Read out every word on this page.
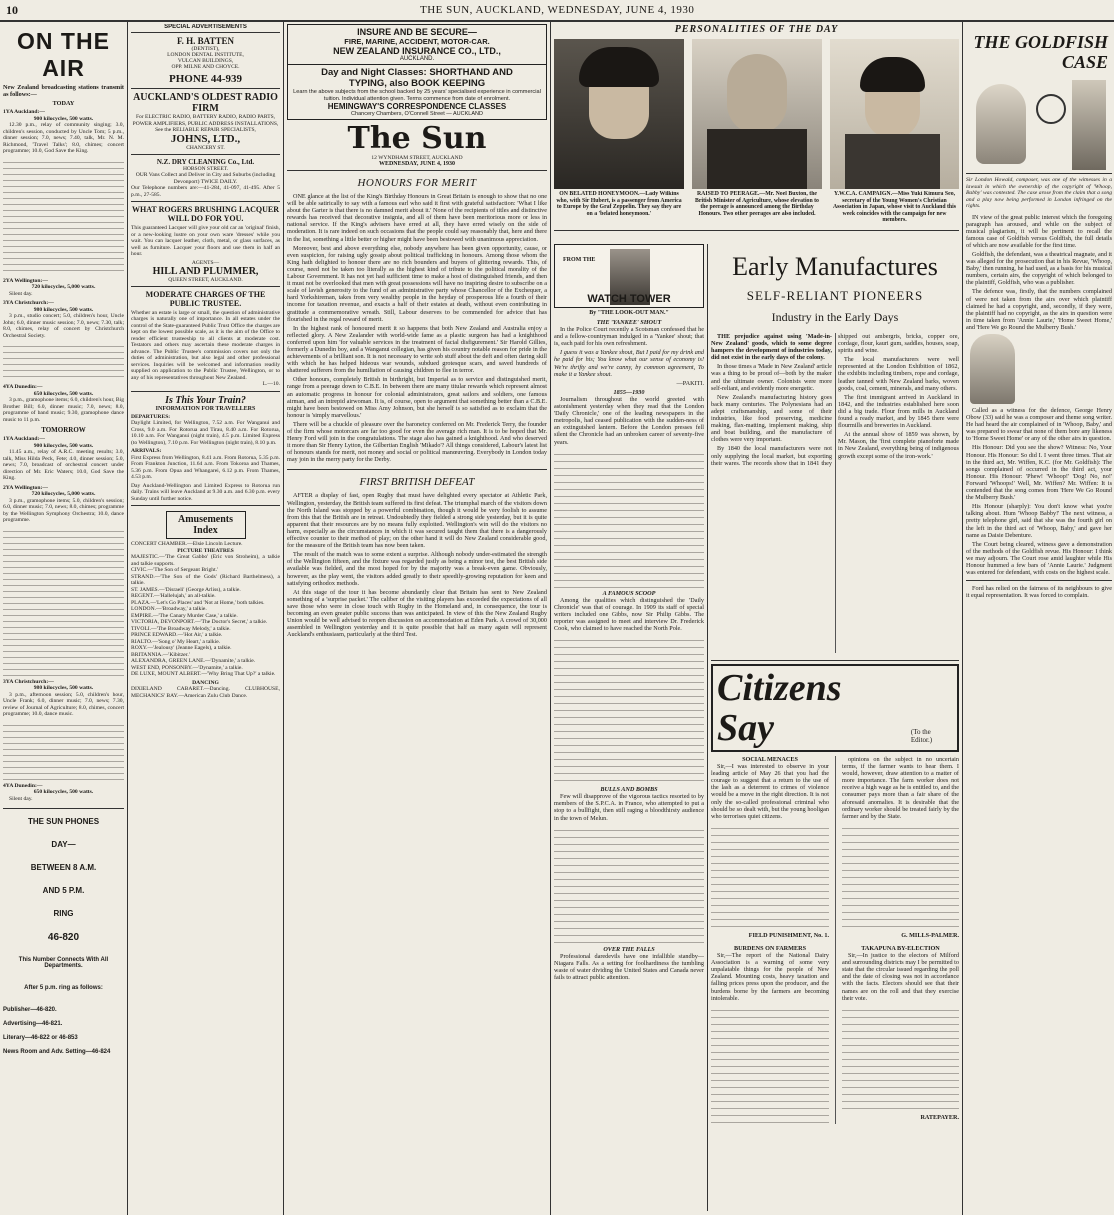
10	THE SUN, AUCKLAND, WEDNESDAY, JUNE 4, 1930
ON THE AIR
New Zealand broadcasting stations transmit as follows:—
TODAY
1YA Auckland:—
900 kilocycles, 500 watts.

12.30 p.m., relay of community singing; 3.0, children's session, conducted by Uncle Tom; 5 p.m., dinner session; 7.0, news; 7.40, talk, Mr. N. M. Richmond, 'Travel Talks'; 8.0, chimes; concert programme; 10.0, God Save the King.

2YA Wellington:—
720 kilocycles, 5,000 watts.

Silent day.

3YA Christchurch:—
980 kilocycles, 500 watts.

3 p.m., studio concert; 5.0, children's hour, Uncle John; 6.0, dinner music session; 7.0, news; 7.30, talk; 8.0, chimes, relay of concert by Christchurch Orchestral Society.

4YA Dunedin:—
650 kilocycles, 500 watts.

3 p.m., gramophone items; 6.0, children's hour, Big Brother Bill; 6.0, dinner music; 7.0, news; 8.0, programme of band music; 9.30, gramophone dance music to 11 p.m.

TOMORROW
1YA Auckland:—
900 kilocycles, 500 watts.

11.45 a.m., relay of A.R.C. meeting results; 3.0, talk, Miss Hilda Peck, Fete; 4.0, dinner session; 5.0, news; 7.0, broadcast of orchestral concert under direction of Mr. Eric Waters; 10.0, God Save the King.

2YA Wellington:—
720 kilocycles, 5,000 watts.

3 p.m., gramophone items; 5.0, children's session; 6.0, dinner music; 7.0, news; 8.0, chimes; programme by the Wellington Symphony Orchestra; 10.0, dance programme.

3YA Christchurch:—
980 kilocycles, 500 watts.

3 p.m., afternoon session; 5.0, children's hour, Uncle Frank; 6.0, dinner music; 7.0, news; 7.30, review of Journal of Agriculture; 8.0, chimes, concert programme; 10.0, dance music.

4YA Dunedin:—
650 kilocycles, 500 watts.

Silent day.

THE SUN PHONES
DAY—
BETWEEN 8 A.M.
AND 5 P.M.
RING
46-820
This Number Connects With All Departments.
After 5 p.m. ring as follows:
Publisher—46-820.
Advertising—46-821.
Literary—46-822 or 46-853
News Room and Adv. Setting—46-824
SPECIAL ADVERTISEMENTS
F. H. BATTEN
(DENTIST),
LONDON DENTAL INSTITUTE,
VULCAN BUILDINGS,
OPP. MILNE AND CHOYCE.
PHONE 44-939
AUCKLAND'S OLDEST RADIO FIRM
For ELECTRIC RADIO, BATTERY RADIO, RADIO PARTS, POWER AMPLIFIERS, PUBLIC ADDRESS INSTALLATIONS,
See the RELIABLE REPAIR SPECIALISTS,
JOHNS, LTD.,
CHANCERY ST.
N.Z. DRY CLEANING Co., Ltd.
HOBSON STREET.
OUR Vans Collect and Deliver in City and Suburbs (including Devonport) TWICE DAILY.
Our Telephone numbers are:—41-284, 41-097, 41-495. After 5 p.m., 27-585.
WHAT ROGERS BRUSHING LACQUER WILL DO FOR YOU.
This guaranteed Lacquer will give your old car an 'original' finish, or a new-looking lustre on your own ware 'dresses' while you wait. You can lacquer leather, cloth, metal, or glass surfaces, as well as furniture. Lacquer your floors and use them in half an hour.
AGENTS—
HILL AND PLUMMER,
QUEEN STREET, AUCKLAND.
MODERATE CHARGES OF THE PUBLIC TRUSTEE.
Whether an estate is large or small, the question of administrative charges is naturally one of importance. In all estates under the control of the State-guaranteed Public Trust Office the charges are kept on the lowest possible scale, as it is the aim of the Office to render efficient trusteeship to all clients at moderate cost. Testators and others may ascertain these moderate charges in advance. The Public Trustee's commission covers not only the duties of administration, but also legal and other professional services. Inquiries will be welcomed and information readily supplied on application to the Public Trustee, Wellington, or to any of his representatives throughout New Zealand.
L.—10.
Is This Your Train?
INFORMATION FOR TRAVELLERS
DEPARTURES:
Daylight Limited, for Wellington, 7.52 a.m. For Wanganui and Cross, 9.0 a.m. For Rotorua and Tirau, 8.40 a.m. For Rotorua, 10.10 a.m. For Wanganui (night train), 4.5 p.m. Limited Express (to Wellington), 7.10 p.m. For Wellington (night train), 8.10 p.m.
ARRIVALS:
First Express from Wellington, 8.41 a.m. From Rotorua, 5.35 p.m. From Frankton Junction, 11.64 a.m. From Tokoroa and Thames, 5.36 p.m. From Opua and Whangarei, 6.12 p.m. From Thames, 4.53 p.m.
Day Auckland-Wellington and Limited Express to Rotorua run daily. Trains will leave Auckland at 9.30 a.m. and 6.30 p.m. every Sunday until further notice.
Amusements Index
CONCERT CHAMBER.—Elsie Lincoln Lecture.
PICTURE THEATRES
MAJESTIC.—'The Great Gabbo' (Eric von Stroheim), a talkie and talkie supports.
CIVIC.—'The Son of Sergeant Bright.'
STRAND.—'The Son of the Gods' (Richard Barthelmess), a talkie.
ST. JAMES.—'Disraeli' (George Arliss), a talkie.
REGENT.—'Hallelujah,' an all-talkie.
PLAZA.—'Let's Go Places' and 'Not at Home,' both talkies.
LONDON.—'Broadway,' a talkie.
EMPIRE.—'The Canary Murder Case,' a talkie.
VICTORIA, DEVONPORT.—'The Doctor's Secret,' a talkie.
TIVOLI.—'The Broadway Melody,' a talkie.
PRINCE EDWARD.—'Hot Air,' a talkie.
RIALTO.—'Song o' My Heart,' a talkie.
ROXY.—'Jealousy' (Jeanne Eagels), a talkie.
BRITANNIA.—'Kibitzer.'
ALEXANDRA, GREEN LANE.—'Dynamite,' a talkie.
WEST END, PONSONBY.—'Dynamite,' a talkie.
DE LUXE, MOUNT ALBERT.—'Why Bring That Up?' a talkie.
DANCING
DIXIELAND CABARET.—Dancing. CLUBHOUSE, MECHANICS' BAY.—American Zulu Club Dance.
INSURE AND BE SECURE—
FIRE, MARINE, ACCIDENT, MOTOR-CAR.
NEW ZEALAND INSURANCE CO., LTD.,
AUCKLAND.
Day and Night Classes: SHORTHAND AND
TYPING, also BOOK KEEPING
Learn the above subjects from the school backed by 25 years' specialised experience in commercial tuition. Individual attention given. Terms commence from date of enrolment.
HEMINGWAY'S CORRESPONDENCE CLASSES
Chancery Chambers, O'Connell Street — AUCKLAND
The Sun
12 WYNDHAM STREET, AUCKLAND
WEDNESDAY, JUNE 4, 1930
HONOURS FOR MERIT

ONE glance at the list of the King's Birthday Honours in Great Britain is enough to show that no one will be able satirically to say with a famous earl who said it first with grateful satisfaction: 'What I like about the Garter is that there is no damned merit about it.' None of the recipients of titles and distinctive rewards has received that decorative insignia, and all of them have been meritorious more or less in national service. If the King's advisers have erred at all, they have erred wisely on the side of moderation. It is rare indeed on such occasions that the people could say reasonably that, here and there in the list, something a little better or higher might have been bestowed with unanimous appreciation.

Moreover, best and above everything else, nobody anywhere has been given opportunity, cause, or even suspicion, for raising ugly gossip about political trafficking in honours. Among those whom the King hath delighted to honour there are no rich bounders and buyers of glittering rewards. This, of course, need not be taken too literally as the highest kind of tribute to the political morality of the Labour Government. It has not yet had sufficient time to make a host of distinguished friends, and then it must not be overlooked that men with great possessions will have no inspiring desire to subscribe on a scale of lavish generosity to the fund of an administrative party whose Chancellor of the Exchequer, a hard Yorkshireman, takes from very wealthy people in the heyday of prosperous life a fourth of their income for taxation revenue, and exacts a half of their estates at death, without even contributing in gratitude a commemorative wreath. Still, Labour deserves to be commended for advice that has flourished in the regal reward of merit.

In the highest rank of honoured merit it so happens that both New Zealand and Australia enjoy a reflected glory. A New Zealander with world-wide fame as a plastic surgeon has had a knighthood conferred upon him 'for valuable services in the treatment of facial disfigurement.' Sir Harold Gillies, formerly a Dunedin boy, and a Wanganui collegian, has given his country notable reason for pride in the achievements of a brilliant son. It is not necessary to write sob stuff about the deft and often daring skill with which he has helped hideous war wounds, subdued grotesque scars, and saved hundreds of shattered sufferers from the humiliation of causing children to flee in terror.

Other honours, completely British in birthright, but Imperial as to service and distinguished merit, range from a peerage down to C.B.E. In between there are many titular rewards which represent almost an automatic progress in honour for colonial administrators, great sailors and soldiers, one famous airman, and an intrepid airwoman. It is, of course, open to argument that something better than a C.B.E. might have been bestowed on Miss Amy Johnson, but she herself is so satisfied as to exclaim that the honour is 'simply marvellous.'

There will be a chuckle of pleasure over the baronetcy conferred on Mr. Frederick Terry, the founder of the firm whose motorcars are far too good for even the average rich man. It is to be hoped that Mr. Henry Ford will join in the congratulations. The stage also has gained a knighthood. And who deserved it more than Sir Henry Lytton, the Gilbertian English 'Mikado'? All things considered, Labour's latest list of honours stands for merit, not money and social or political manœuvring. Everybody in London today may join in the merry party for the Derby.

FIRST BRITISH DEFEAT

AFTER a display of fast, open Rugby that must have delighted every spectator at Athletic Park, Wellington, yesterday, the British team suffered its first defeat. The triumphal march of the visitors down the North Island was stopped by a powerful combination, though it would be very foolish to assume from this that the British are in retreat. Undoubtedly they fielded a strong side yesterday, but it is quite apparent that their resources are by no means fully exploited. Wellington's win will do the visitors no harm, especially as the circumstances in which it was secured taught them that there is a dangerously effective counter to their method of play; on the other hand it will do New Zealand considerable good, for the measure of the British team has now been taken.

The result of the match was to some extent a surprise. Although nobody under-estimated the strength of the Wellington fifteen, and the fixture was regarded justly as being a minor test, the best British side available was fielded, and the most hoped for by the majority was a break-even game. Obviously, however, as the play went, the visitors added greatly to their speedily-growing reputation for keen and satisfying orthodox methods.

At this stage of the tour it has become abundantly clear that Britain has sent to New Zealand something of a 'surprise packet.' The caliber of the visiting players has exceeded the expectations of all save those who were in close touch with Rugby in the Homeland and, in consequence, the tour is becoming an even greater public success than was anticipated. In view of this the New Zealand Rugby Union would be well advised to reopen discussion on accommodation at Eden Park. A crowd of 30,000 assembled in Wellington yesterday and it is quite possible that half as many again will represent Auckland's enthusiasm, particularly at the third Test.

PERSONALITIES OF THE DAY
ON BELATED HONEYMOON.—Lady Wilkins who, with Sir Hubert, is a passenger from America to Europe by the Graf Zeppelin. They say they are on a 'belated honeymoon.'
RAISED TO PEERAGE.—Mr. Noel Buxton, the British Minister of Agriculture, whose elevation to the peerage is announced among the Birthday Honours. Two other peerages are also included.
Y.W.C.A. CAMPAIGN.—Miss Yuki Kimura Seo, secretary of the Young Women's Christian Association in Japan, whose visit to Auckland this week coincides with the campaign for new members.
FROM THE
WATCH TOWER
By "THE LOOK-OUT MAN."
THE 'YANKEE' SHOUT

In the Police Court recently a Scotsman confessed that he and a fellow-countryman indulged in a 'Yankee' shout; that is, each paid for his own refreshment.

I guess it was a Yankee shout, But I paid for my drink and he paid for his; You know what our sense of economy is! We're thrifty and we're canny, by common agreement, To make it a Yankee shout.

—PAKITI.
1855—1930

Journalism throughout the world greeted with astonishment yesterday when they read that the London 'Daily Chronicle,' one of the leading newspapers in the metropolis, had ceased publication with the sudden-ness of an extinguished lantern. Before the London presses fell silent the Chronicle had an unbroken career of seventy-five years.

A FAMOUS SCOOP

Among the qualities which distinguished the 'Daily Chronicle' was that of courage. In 1909 its staff of special writers included one Gibbs, now Sir Philip Gibbs. The reporter was assigned to meet and interview Dr. Frederick Cook, who claimed to have reached the North Pole.

BULLS AND BOMBS

Few will disapprove of the vigorous tactics resorted to by members of the S.P.C.A. in France, who attempted to put a stop to a bullfight, then still raging a bloodthirsty audience in the town of Melun.

OVER THE FALLS

Professional daredevils have one infallible standby—Niagara Falls. As a setting for foolhardiness the tumbling waste of water dividing the United States and Canada never fails to attract public attention.

Early Manufactures
SELF-RELIANT PIONEERS
Industry in the Early Days

THE prejudice against using 'Made-in-New Zealand' goods, which to some degree hampers the development of industries today, did not exist in the early days of the colony.

In those times a 'Made in New Zealand' article was a thing to be proud of—both by the maker and the ultimate owner. Colonists were more self-reliant, and evidently more energetic.

New Zealand's manufacturing history goes back many centuries. The Polynesians had an adept craftsmanship, and some of their industries, like food preserving, medicine making, flax-matting, implement making, ship and boat building, and the manufacture of clothes were very important.

By 1840 the local manufacturers were not only supplying the local market, but exporting their wares. The records show that in 1841 they shipped out ambergris, bricks, copper ore, cordage, flour, kauri gum, saddles, houses, soap, spirits and wine.

The local manufacturers were well represented at the London Exhibition of 1862, the exhibits including timbers, rope and cordage, leather tanned with New Zealand barks, woven goods, coal, cement, minerals, and many others.

The first immigrant arrived in Auckland in 1842, and the industries established here soon did a big trade. Flour from mills in Auckland found a ready market, and by 1845 there were flourmills and breweries in Auckland.

At the annual show of 1859 was shown, by Mr. Mason, the 'first complete pianoforte made in New Zealand, everything being of indigenous growth except some of the iron-work.'

Citizens Say	(To the Editor.)
SOCIAL MENACES

Sir,—I was interested to observe in your leading article of May 26 that you had the courage to suggest that a return to the use of the lash as a deterrent to crimes of violence would be a move in the right direction. It is not only the so-called professional criminal who should be so dealt with, but the young hooligan who terrorises quiet citizens.

FIELD PUNISHMENT, No. 1.
BURDENS ON FARMERS

Sir,—The report of the National Dairy Association is a warning of some very unpalatable things for the people of New Zealand. Mounting costs, heavy taxation and falling prices press upon the producer, and the burdens borne by the farmers are becoming intolerable.

opinions on the subject in no uncertain terms, if the farmer wants to hear them. I would, however, draw attention to a matter of more importance. The farm worker does not receive a high wage as he is entitled to, and the consumer pays more than a fair share of the aforesaid anomalies. It is desirable that the ordinary worker should be treated fairly by the farmer and by the State.

G. MILLS-PALMER.
TAKAPUNA BY-ELECTION

Sir,—In justice to the electors of Milford and surrounding districts may I be permitted to state that the circular issued regarding the poll and the date of closing was not in accordance with the facts. Electors should see that their names are on the roll and that they exercise their vote.

RATEPAYER.
THE GOLDFISH CASE
Sir London Howald, composer, was one of the witnesses in a lawsuit in which the ownership of the copyright of 'Whoop, Babby' was contested. The case arose from the claim that a song and a play now being performed in London infringed on the rights.

IN view of the great public interest which the foregoing paragraph has aroused, and while on the subject of musical plagiarism, it will be pertinent to recall the famous case of Goldfish versus Goldfish, the full details of which are now available for the first time.

Goldfish, the defendant, was a theatrical magnate, and it was alleged for the prosecution that in his Revue, 'Whoop, Baby,' then running, he had used, as a basis for his musical numbers, certain airs, the copyright of which belonged to the plaintiff, Goldfish, who was a publisher.

The defence was, firstly, that the numbers complained of were not taken from the airs over which plaintiff claimed he had a copyright, and, secondly, if they were, the plaintiff had no copyright, as the airs in question were in time taken from 'Annie Laurie,' 'Home Sweet Home,' and 'Here We go Round the Mulberry Bush.'

Called as a witness for the defence, George Henry Obow (33) said he was a composer and theme song writer. He had heard the air complained of in 'Whoop, Baby,' and was prepared to swear that none of them bore any likeness to 'Home Sweet Home' or any of the other airs in question.

His Honour: Did you see the show? Witness: No, Your Honour. His Honour: So did I. I went three times. That air in the third act, Mr. Wiffen, K.C. (for Mr. Goldfish): The songs complained of occurred in the third act, your Honour. His Honour: 'Phew! 'Whoop!' 'Dog! No, no!' Forward 'Whoops!' Well, Mr. Wiffen? Mr. Wiffen: It is contended that the song comes from 'Here We Go Round the Mulberry Bush.'

His Honour (sharply): You don't know what you're talking about. Hum 'Whoop Babby!' The next witness, a pretty telephone girl, said that she was the fourth girl on the left in the third act of 'Whoop, Baby,' and gave her name as Daisie Debenture.

The Court being cleared, witness gave a demonstration of the methods of the Goldfish revue. His Honour: I think we may adjourn. The Court rose amid laughter while His Honour hummed a few bars of 'Annie Laurie.' Judgment was entered for defendant, with costs on the highest scale.

Ford has relied on the fairness of its neighbours to give it equal representation. It was forced to complain.
